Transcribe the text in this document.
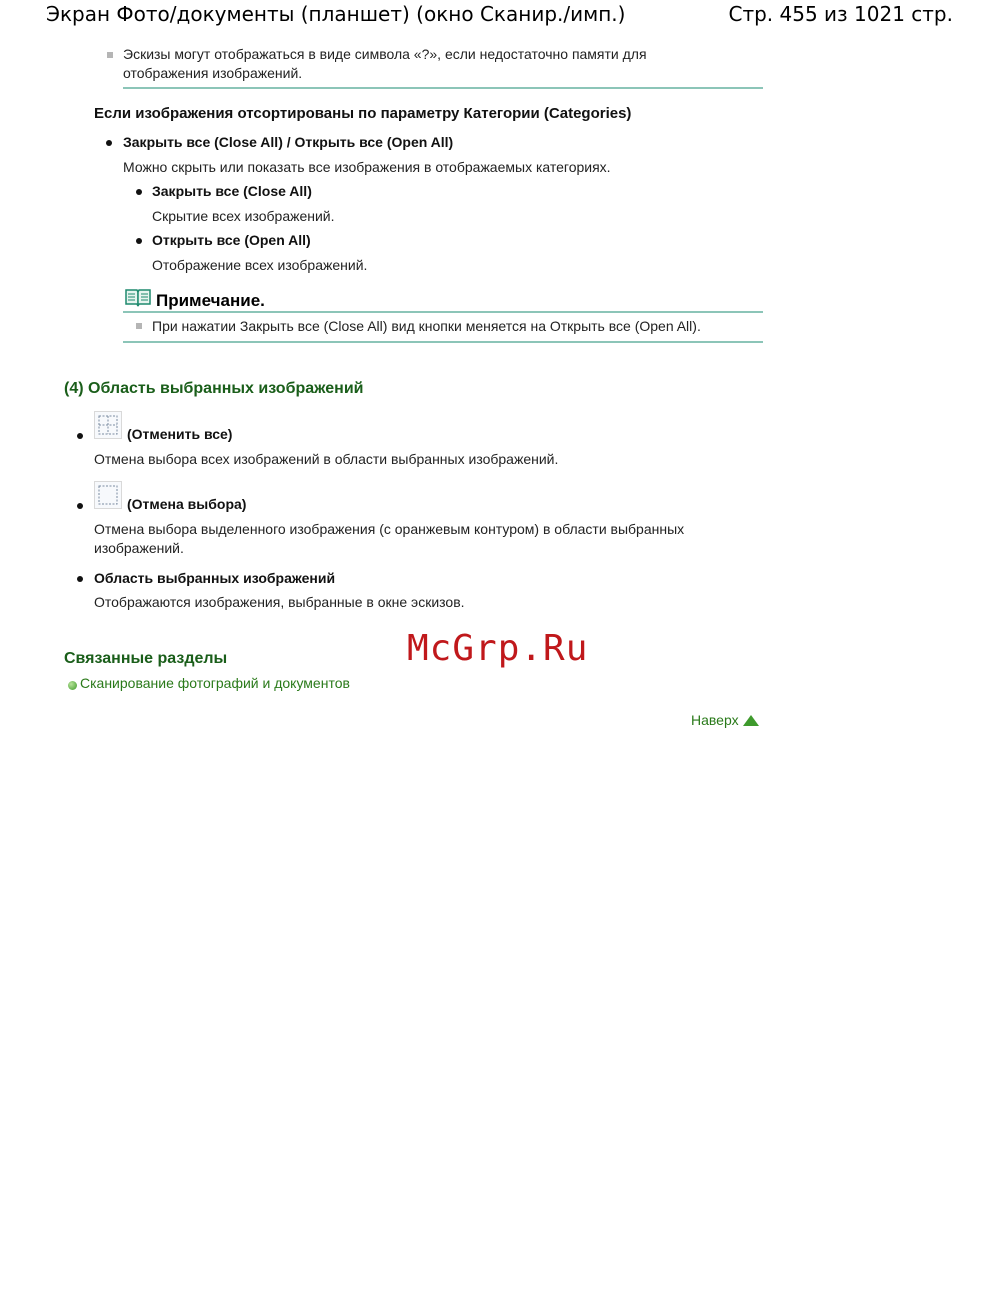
Экран Фото/документы (планшет) (окно Сканир./имп.)	Стр. 455 из 1021 стр.
Эскизы могут отображаться в виде символа «?», если недостаточно памяти для
отображения изображений.
Если изображения отсортированы по параметру Категории (Categories)
Закрыть все (Close All) / Открыть все (Open All)
Можно скрыть или показать все изображения в отображаемых категориях.
Закрыть все (Close All)
Скрытие всех изображений.
Открыть все (Open All)
Отображение всех изображений.
Примечание.
При нажатии Закрыть все (Close All) вид кнопки меняется на Открыть все (Open All).
(4) Область выбранных изображений
(Отменить все)
Отмена выбора всех изображений в области выбранных изображений.
(Отмена выбора)
Отмена выбора выделенного изображения (с оранжевым контуром) в области выбранных
изображений.
Область выбранных изображений
Отображаются изображения, выбранные в окне эскизов.
McGrp.Ru
Связанные разделы
Сканирование фотографий и документов
Наверх
